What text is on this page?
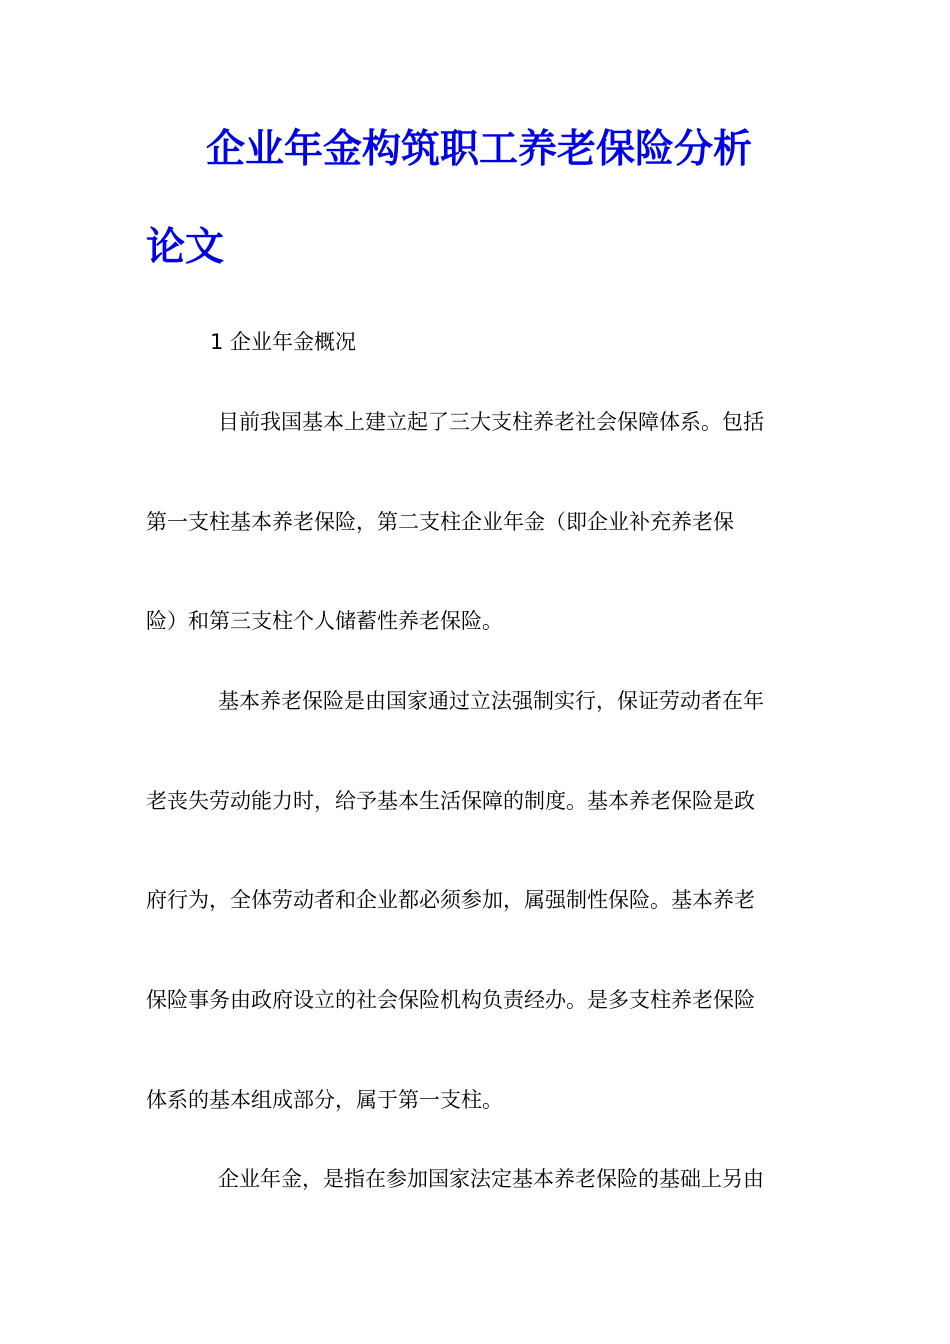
企业年金构筑职工养老保险分析
论文

1 企业年金概况

目前我国基本上建立起了三大支柱养老社会保障体系。包括

第一支柱基本养老保险，第二支柱企业年金（即企业补充养老保

险）和第三支柱个人储蓄性养老保险。

基本养老保险是由国家通过立法强制实行，保证劳动者在年

老丧失劳动能力时，给予基本生活保障的制度。基本养老保险是政

府行为，全体劳动者和企业都必须参加，属强制性保险。基本养老

保险事务由政府设立的社会保险机构负责经办。是多支柱养老保险

体系的基本组成部分，属于第一支柱。

企业年金，是指在参加国家法定基本养老保险的基础上另由
